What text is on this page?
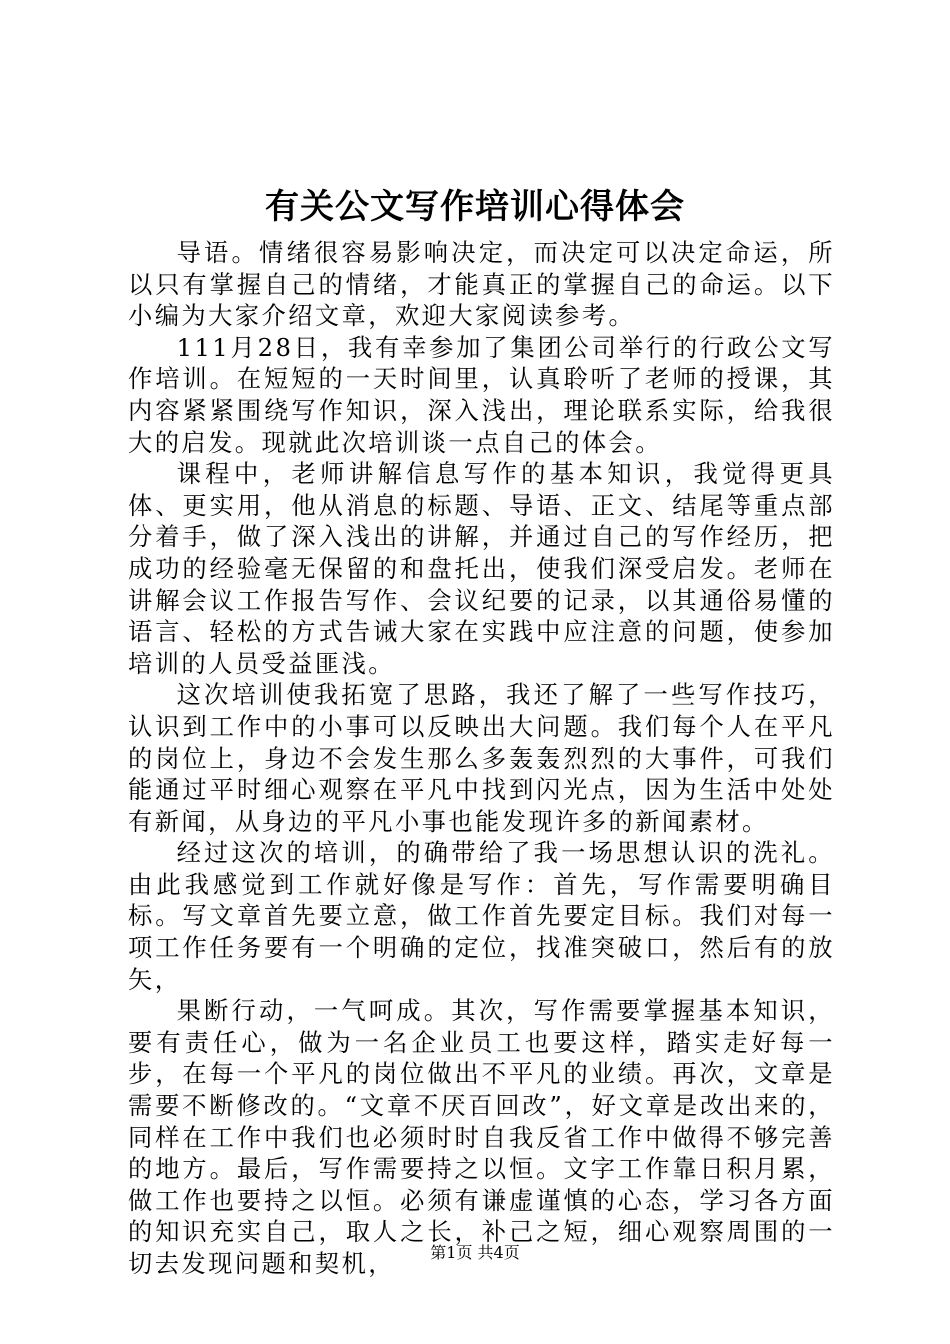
有关公文写作培训心得体会

导语。情绪很容易影响决定，而决定可以决定命运，所以只有掌握自己的情绪，才能真正的掌握自己的命运。以下小编为大家介绍文章，欢迎大家阅读参考。

111月28日，我有幸参加了集团公司举行的行政公文写作培训。在短短的一天时间里，认真聆听了老师的授课，其内容紧紧围绕写作知识，深入浅出，理论联系实际，给我很大的启发。现就此次培训谈一点自己的体会。

课程中，老师讲解信息写作的基本知识，我觉得更具体、更实用，他从消息的标题、导语、正文、结尾等重点部分着手，做了深入浅出的讲解，并通过自己的写作经历，把成功的经验毫无保留的和盘托出，使我们深受启发。老师在讲解会议工作报告写作、会议纪要的记录，以其通俗易懂的语言、轻松的方式告诫大家在实践中应注意的问题，使参加培训的人员受益匪浅。

这次培训使我拓宽了思路，我还了解了一些写作技巧，认识到工作中的小事可以反映出大问题。我们每个人在平凡的岗位上，身边不会发生那么多轰轰烈烈的大事件，可我们能通过平时细心观察在平凡中找到闪光点，因为生活中处处有新闻，从身边的平凡小事也能发现许多的新闻素材。

经过这次的培训，的确带给了我一场思想认识的洗礼。由此我感觉到工作就好像是写作：首先，写作需要明确目标。写文章首先要立意，做工作首先要定目标。我们对每一项工作任务要有一个明确的定位，找准突破口，然后有的放矢，

果断行动，一气呵成。其次，写作需要掌握基本知识，要有责任心，做为一名企业员工也要这样，踏实走好每一步，在每一个平凡的岗位做出不平凡的业绩。再次，文章是需要不断修改的。“文章不厌百回改”，好文章是改出来的，同样在工作中我们也必须时时自我反省工作中做得不够完善的地方。最后，写作需要持之以恒。文字工作靠日积月累，做工作也要持之以恒。必须有谦虚谨慎的心态，学习各方面的知识充实自己，取人之长，补己之短，细心观察周围的一切去发现问题和契机，	第1页 共4页
